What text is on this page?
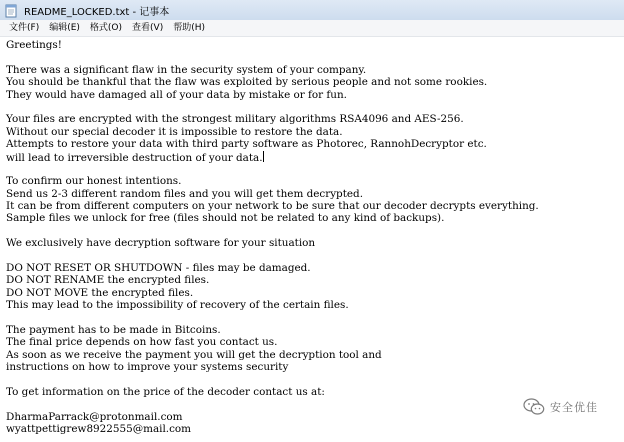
README_LOCKED.txt - 记事本
文件(F)	编辑(E)	格式(O)	查看(V)	帮助(H)
Greetings!
There was a significant flaw in the security system of your company.
You should be thankful that the flaw was exploited by serious people and not some rookies.
They would have damaged all of your data by mistake or for fun.
Your files are encrypted with the strongest military algorithms RSA4096 and AES-256.
Without our special decoder it is impossible to restore the data.
Attempts to restore your data with third party software as Photorec, RannohDecryptor etc.
will lead to irreversible destruction of your data.
To confirm our honest intentions.
Send us 2-3 different random files and you will get them decrypted.
It can be from different computers on your network to be sure that our decoder decrypts everything.
Sample files we unlock for free (files should not be related to any kind of backups).
We exclusively have decryption software for your situation
DO NOT RESET OR SHUTDOWN - files may be damaged.
DO NOT RENAME the encrypted files.
DO NOT MOVE the encrypted files.
This may lead to the impossibility of recovery of the certain files.
The payment has to be made in Bitcoins.
The final price depends on how fast you contact us.
As soon as we receive the payment you will get the decryption tool and
instructions on how to improve your systems security
To get information on the price of the decoder contact us at:
DharmaParrack@protonmail.com
wyattpettigrew8922555@mail.com
安全优佳
